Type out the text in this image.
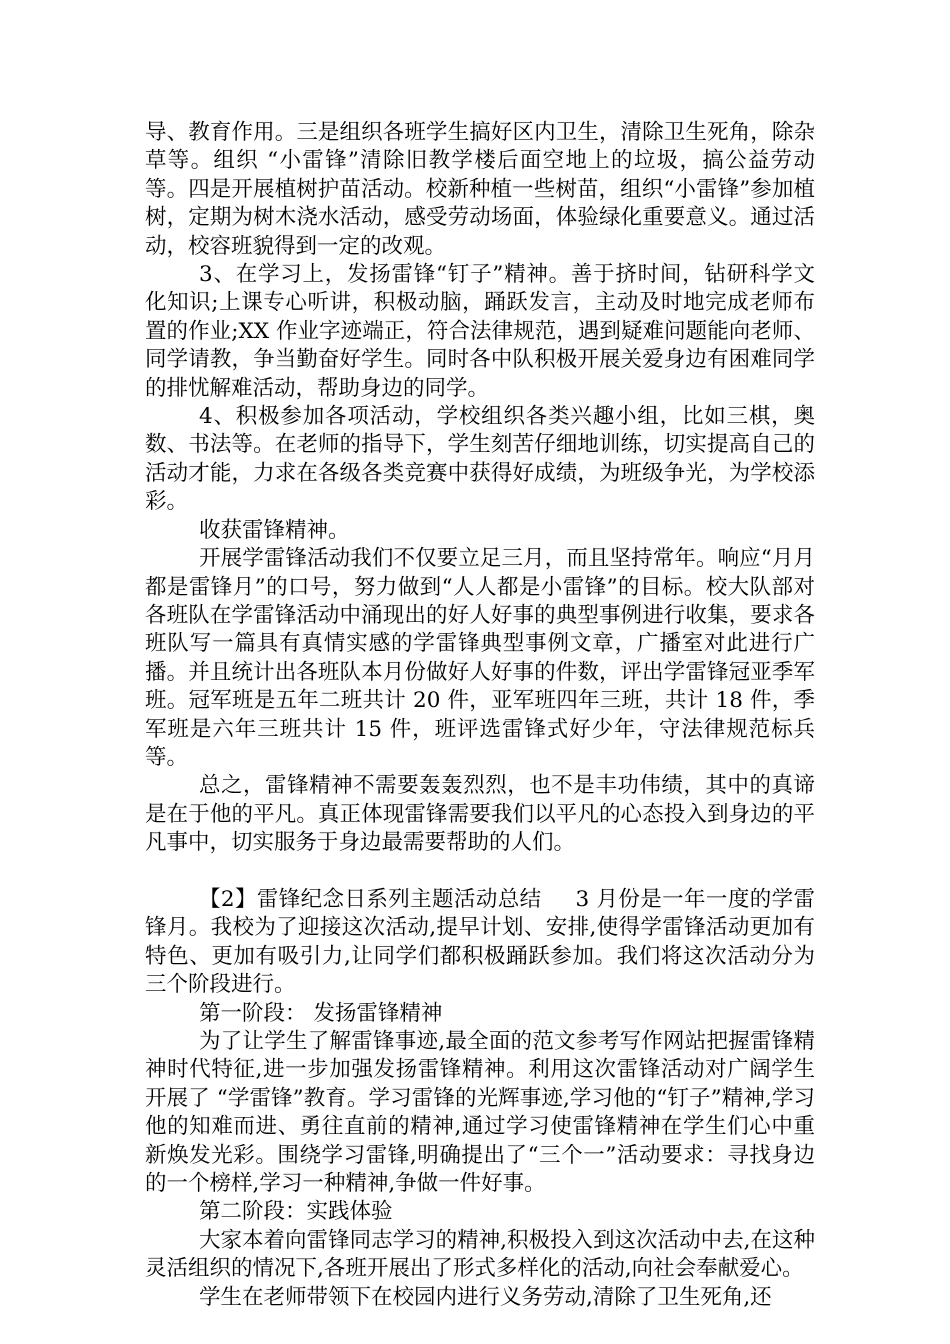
导、教育作用。三是组织各班学生搞好区内卫生，清除卫生死角，除杂草等。组织 “小雷锋”清除旧教学楼后面空地上的垃圾，搞公益劳动等。四是开展植树护苗活动。校新种植一些树苗，组织“小雷锋”参加植树，定期为树木浇水活动，感受劳动场面，体验绿化重要意义。通过活动，校容班貌得到一定的改观。

3、在学习上，发扬雷锋“钉子”精神。善于挤时间，钻研科学文化知识;上课专心听讲，积极动脑，踊跃发言，主动及时地完成老师布置的作业;XX 作业字迹端正，符合法律规范，遇到疑难问题能向老师、同学请教，争当勤奋好学生。同时各中队积极开展关爱身边有困难同学的排忧解难活动，帮助身边的同学。

4、积极参加各项活动，学校组织各类兴趣小组，比如三棋，奥数、书法等。在老师的指导下，学生刻苦仔细地训练，切实提高自己的活动才能，力求在各级各类竞赛中获得好成绩，为班级争光，为学校添彩。

收获雷锋精神。

开展学雷锋活动我们不仅要立足三月，而且坚持常年。响应“月月都是雷锋月”的口号，努力做到“人人都是小雷锋”的目标。校大队部对各班队在学雷锋活动中涌现出的好人好事的典型事例进行收集，要求各班队写一篇具有真情实感的学雷锋典型事例文章，广播室对此进行广播。并且统计出各班队本月份做好人好事的件数，评出学雷锋冠亚季军班。冠军班是五年二班共计 20 件，亚军班四年三班，共计 18 件，季军班是六年三班共计 15 件，班评选雷锋式好少年，守法律规范标兵等。

总之，雷锋精神不需要轰轰烈烈，也不是丰功伟绩，其中的真谛是在于他的平凡。真正体现雷锋需要我们以平凡的心态投入到身边的平凡事中，切实服务于身边最需要帮助的人们。

【2】雷锋纪念日系列主题活动总结 3 月份是一年一度的学雷锋月。我校为了迎接这次活动,提早计划、安排,使得学雷锋活动更加有特色、更加有吸引力,让同学们都积极踊跃参加。我们将这次活动分为三个阶段进行。

第一阶段： 发扬雷锋精神

为了让学生了解雷锋事迹,最全面的范文参考写作网站把握雷锋精神时代特征,进一步加强发扬雷锋精神。利用这次雷锋活动对广阔学生开展了 “学雷锋”教育。学习雷锋的光辉事迹,学习他的“钉子”精神,学习他的知难而进、勇往直前的精神,通过学习使雷锋精神在学生们心中重新焕发光彩。围绕学习雷锋,明确提出了“三个一”活动要求：寻找身边的一个榜样,学习一种精神,争做一件好事。

第二阶段：实践体验

大家本着向雷锋同志学习的精神,积极投入到这次活动中去,在这种灵活组织的情况下,各班开展出了形式多样化的活动,向社会奉献爱心。

学生在老师带领下在校园内进行义务劳动,清除了卫生死角,还
